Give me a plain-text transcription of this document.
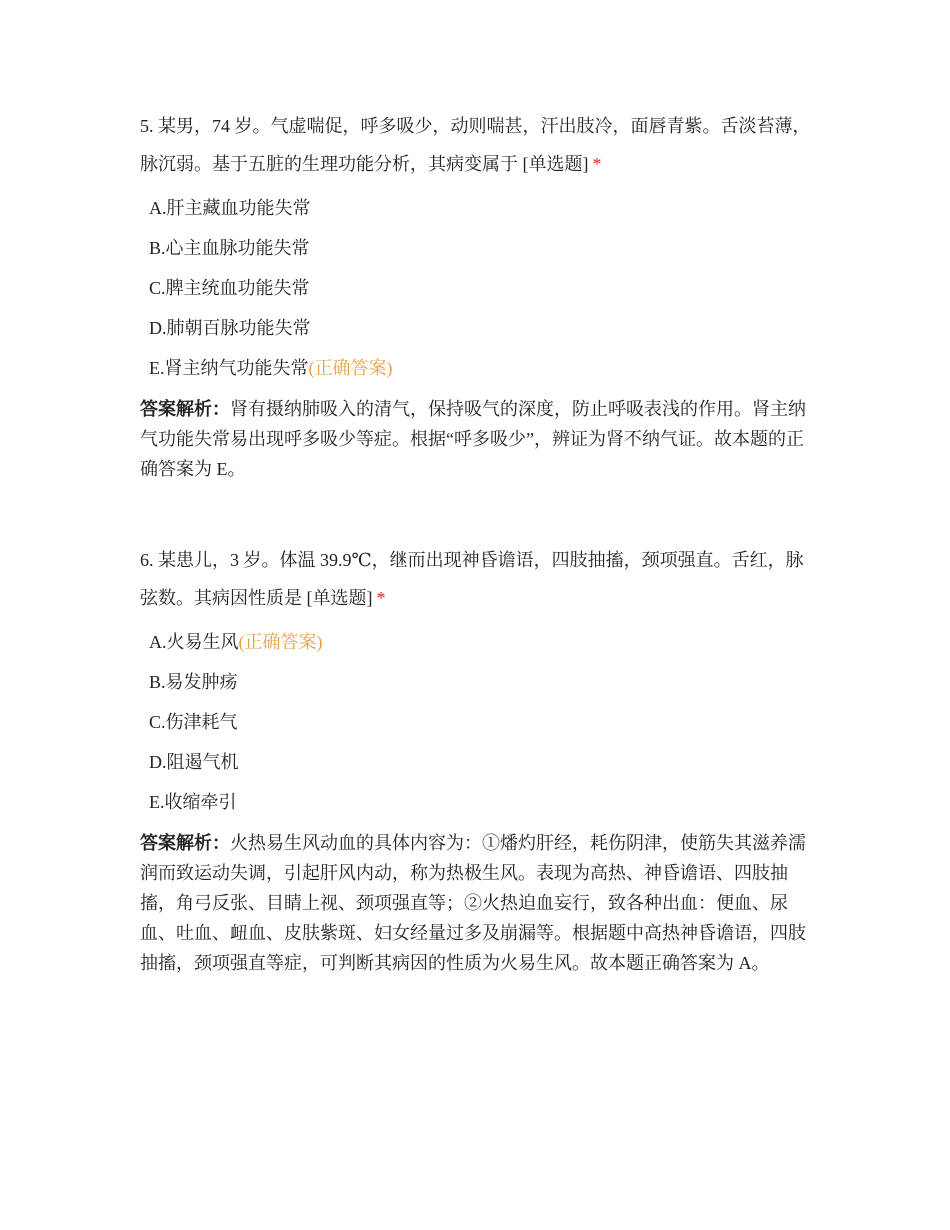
5. 某男，74 岁。气虚喘促，呼多吸少，动则喘甚，汗出肢冷，面唇青紫。舌淡苔薄，脉沉弱。基于五脏的生理功能分析，其病变属于 [单选题] *

A.肝主藏血功能失常
B.心主血脉功能失常
C.脾主统血功能失常
D.肺朝百脉功能失常
E.肾主纳气功能失常(正确答案)

答案解析：肾有摄纳肺吸入的清气，保持吸气的深度，防止呼吸表浅的作用。肾主纳气功能失常易出现呼多吸少等症。根据“呼多吸少”，辨证为肾不纳气证。故本题的正确答案为 E。

6. 某患儿，3 岁。体温 39.9℃，继而出现神昏谵语，四肢抽搐，颈项强直。舌红，脉弦数。其病因性质是 [单选题] *

A.火易生风(正确答案)
B.易发肿疡
C.伤津耗气
D.阻遏气机
E.收缩牵引

答案解析：火热易生风动血的具体内容为：①燔灼肝经，耗伤阴津，使筋失其滋养濡润而致运动失调，引起肝风内动，称为热极生风。表现为高热、神昏谵语、四肢抽搐，角弓反张、目睛上视、颈项强直等；②火热迫血妄行，致各种出血：便血、尿血、吐血、衄血、皮肤紫斑、妇女经量过多及崩漏等。根据题中高热神昏谵语，四肢抽搐，颈项强直等症，可判断其病因的性质为火易生风。故本题正确答案为 A。
